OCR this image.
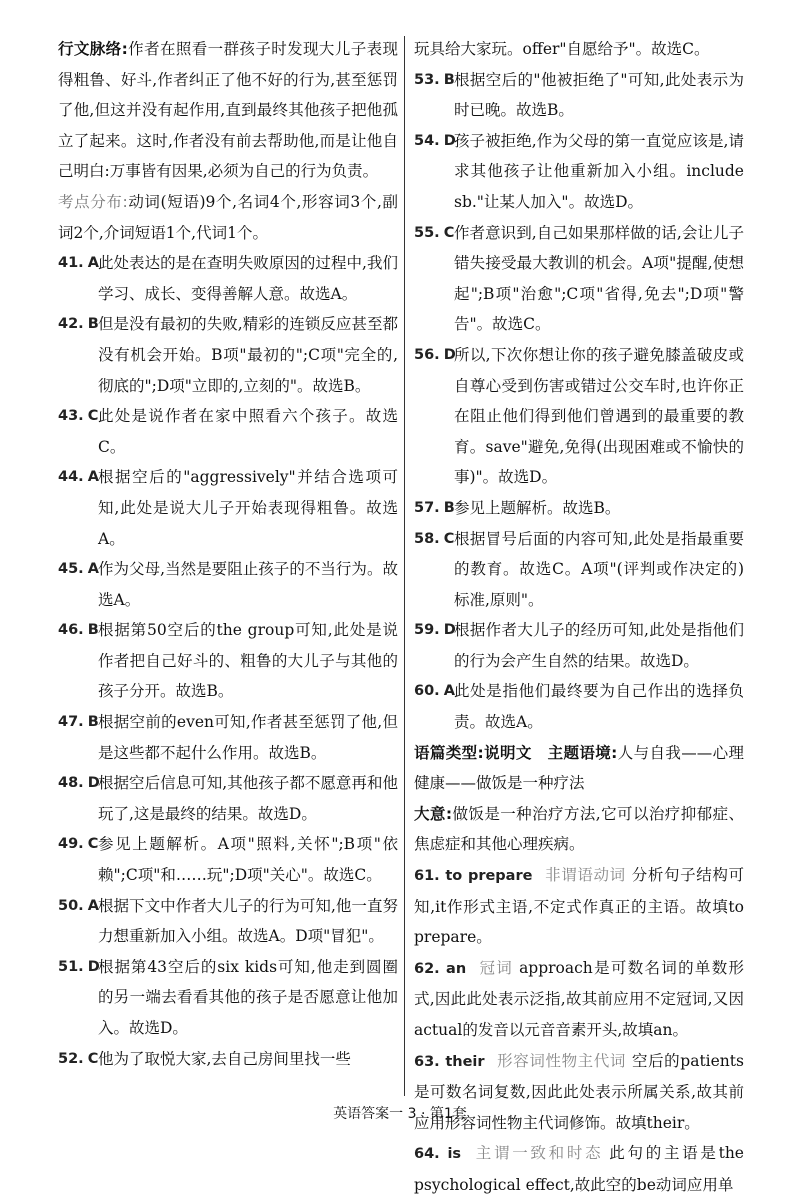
行文脉络:作者在照看一群孩子时发现大儿子表现得粗鲁、好斗,作者纠正了他不好的行为,甚至惩罚了他,但这并没有起作用,直到最终其他孩子把他孤立了起来。这时,作者没有前去帮助他,而是让他自己明白:万事皆有因果,必须为自己的行为负责。
考点分布:动词(短语)9个,名词4个,形容词3个,副词2个,介词短语1个,代词1个。
41. A 此处表达的是在查明失败原因的过程中,我们学习、成长、变得善解人意。故选A。
42. B 但是没有最初的失败,精彩的连锁反应甚至都没有机会开始。B项"最初的";C项"完全的,彻底的";D项"立即的,立刻的"。故选B。
43. C 此处是说作者在家中照看六个孩子。故选C。
44. A 根据空后的"aggressively"并结合选项可知,此处是说大儿子开始表现得粗鲁。故选A。
45. A 作为父母,当然是要阻止孩子的不当行为。故选A。
46. B 根据第50空后的the group可知,此处是说作者把自己好斗的、粗鲁的大儿子与其他的孩子分开。故选B。
47. B 根据空前的even可知,作者甚至惩罚了他,但是这些都不起什么作用。故选B。
48. D
根据空后信息可知,其他孩子都不愿意再和他玩了,这是最终的结果。故选D。
49. C 参见上题解析。A项"照料,关怀";B项"依赖";C项"和……玩";D项"关心"。故选C。
50. A 根据下文中作者大儿子的行为可知,他一直努力想重新加入小组。故选A。D项"冒犯"。
51. D
根据第43空后的six kids可知,他走到圆圈的另一端去看看其他的孩子是否愿意让他加入。故选D。
52. C 他为了取悦大家,去自己房间里找一些
玩具给大家玩。offer"自愿给予"。故选C。
53. B 根据空后的"他被拒绝了"可知,此处表示为时已晚。故选B。
54. D
孩子被拒绝,作为父母的第一直觉应该是,请求其他孩子让他重新加入小组。include sb."让某人加入"。故选D。
55. C 作者意识到,自己如果那样做的话,会让儿子错失接受最大教训的机会。A项"提醒,使想起";B项"治愈";C项"省得,免去";D项"警告"。故选C。
56. D
所以,下次你想让你的孩子避免膝盖破皮或自尊心受到伤害或错过公交车时,也许你正在阻止他们得到他们曾遇到的最重要的教育。save"避免,免得(出现困难或不愉快的事)"。故选D。
57. B 参见上题解析。故选B。
58. C 根据冒号后面的内容可知,此处是指最重要的教育。故选C。A项"(评判或作决定的)标准,原则"。
59. D
根据作者大儿子的经历可知,此处是指他们的行为会产生自然的结果。故选D。
60. A 此处是指他们最终要为自己作出的选择负责。故选A。
语篇类型:说明文 主题语境:人与自我——心理健康——做饭是一种疗法
大意:做饭是一种治疗方法,它可以治疗抑郁症、焦虑症和其他心理疾病。
61. to prepare 非谓语动词 分析句子结构可知,it作形式主语,不定式作真正的主语。故填to prepare。
62. an 冠词 approach是可数名词的单数形式,因此此处表示泛指,故其前应用不定冠词,又因actual的发音以元音音素开头,故填an。
63. their 形容词性物主代词 空后的patients是可数名词复数,因此此处表示所属关系,故其前应用形容词性物主代词修饰。故填their。
64. is 主谓一致和时态 此句的主语是the psychological effect,故此空的be动词应用单
英语答案一 3 · 第1套
